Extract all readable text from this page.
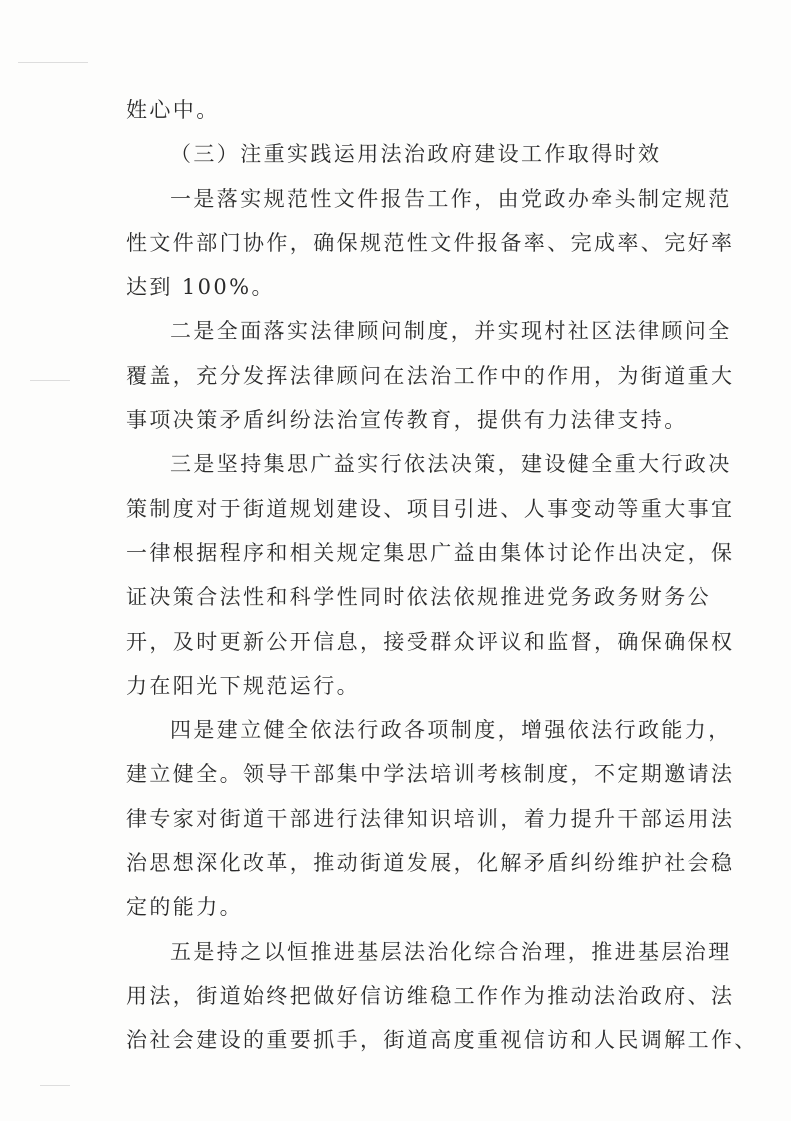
姓心中。
（三）注重实践运用法治政府建设工作取得时效
一是落实规范性文件报告工作，由党政办牵头制定规范
性文件部门协作，确保规范性文件报备率、完成率、完好率
达到 100%。
二是全面落实法律顾问制度，并实现村社区法律顾问全
覆盖，充分发挥法律顾问在法治工作中的作用，为街道重大
事项决策矛盾纠纷法治宣传教育，提供有力法律支持。
三是坚持集思广益实行依法决策，建设健全重大行政决
策制度对于街道规划建设、项目引进、人事变动等重大事宜
一律根据程序和相关规定集思广益由集体讨论作出决定，保
证决策合法性和科学性同时依法依规推进党务政务财务公
开，及时更新公开信息，接受群众评议和监督，确保确保权
力在阳光下规范运行。
四是建立健全依法行政各项制度，增强依法行政能力，
建立健全。领导干部集中学法培训考核制度，不定期邀请法
律专家对街道干部进行法律知识培训，着力提升干部运用法
治思想深化改革，推动街道发展，化解矛盾纠纷维护社会稳
定的能力。
五是持之以恒推进基层法治化综合治理，推进基层治理
用法，街道始终把做好信访维稳工作作为推动法治政府、法
治社会建设的重要抓手，街道高度重视信访和人民调解工作、
